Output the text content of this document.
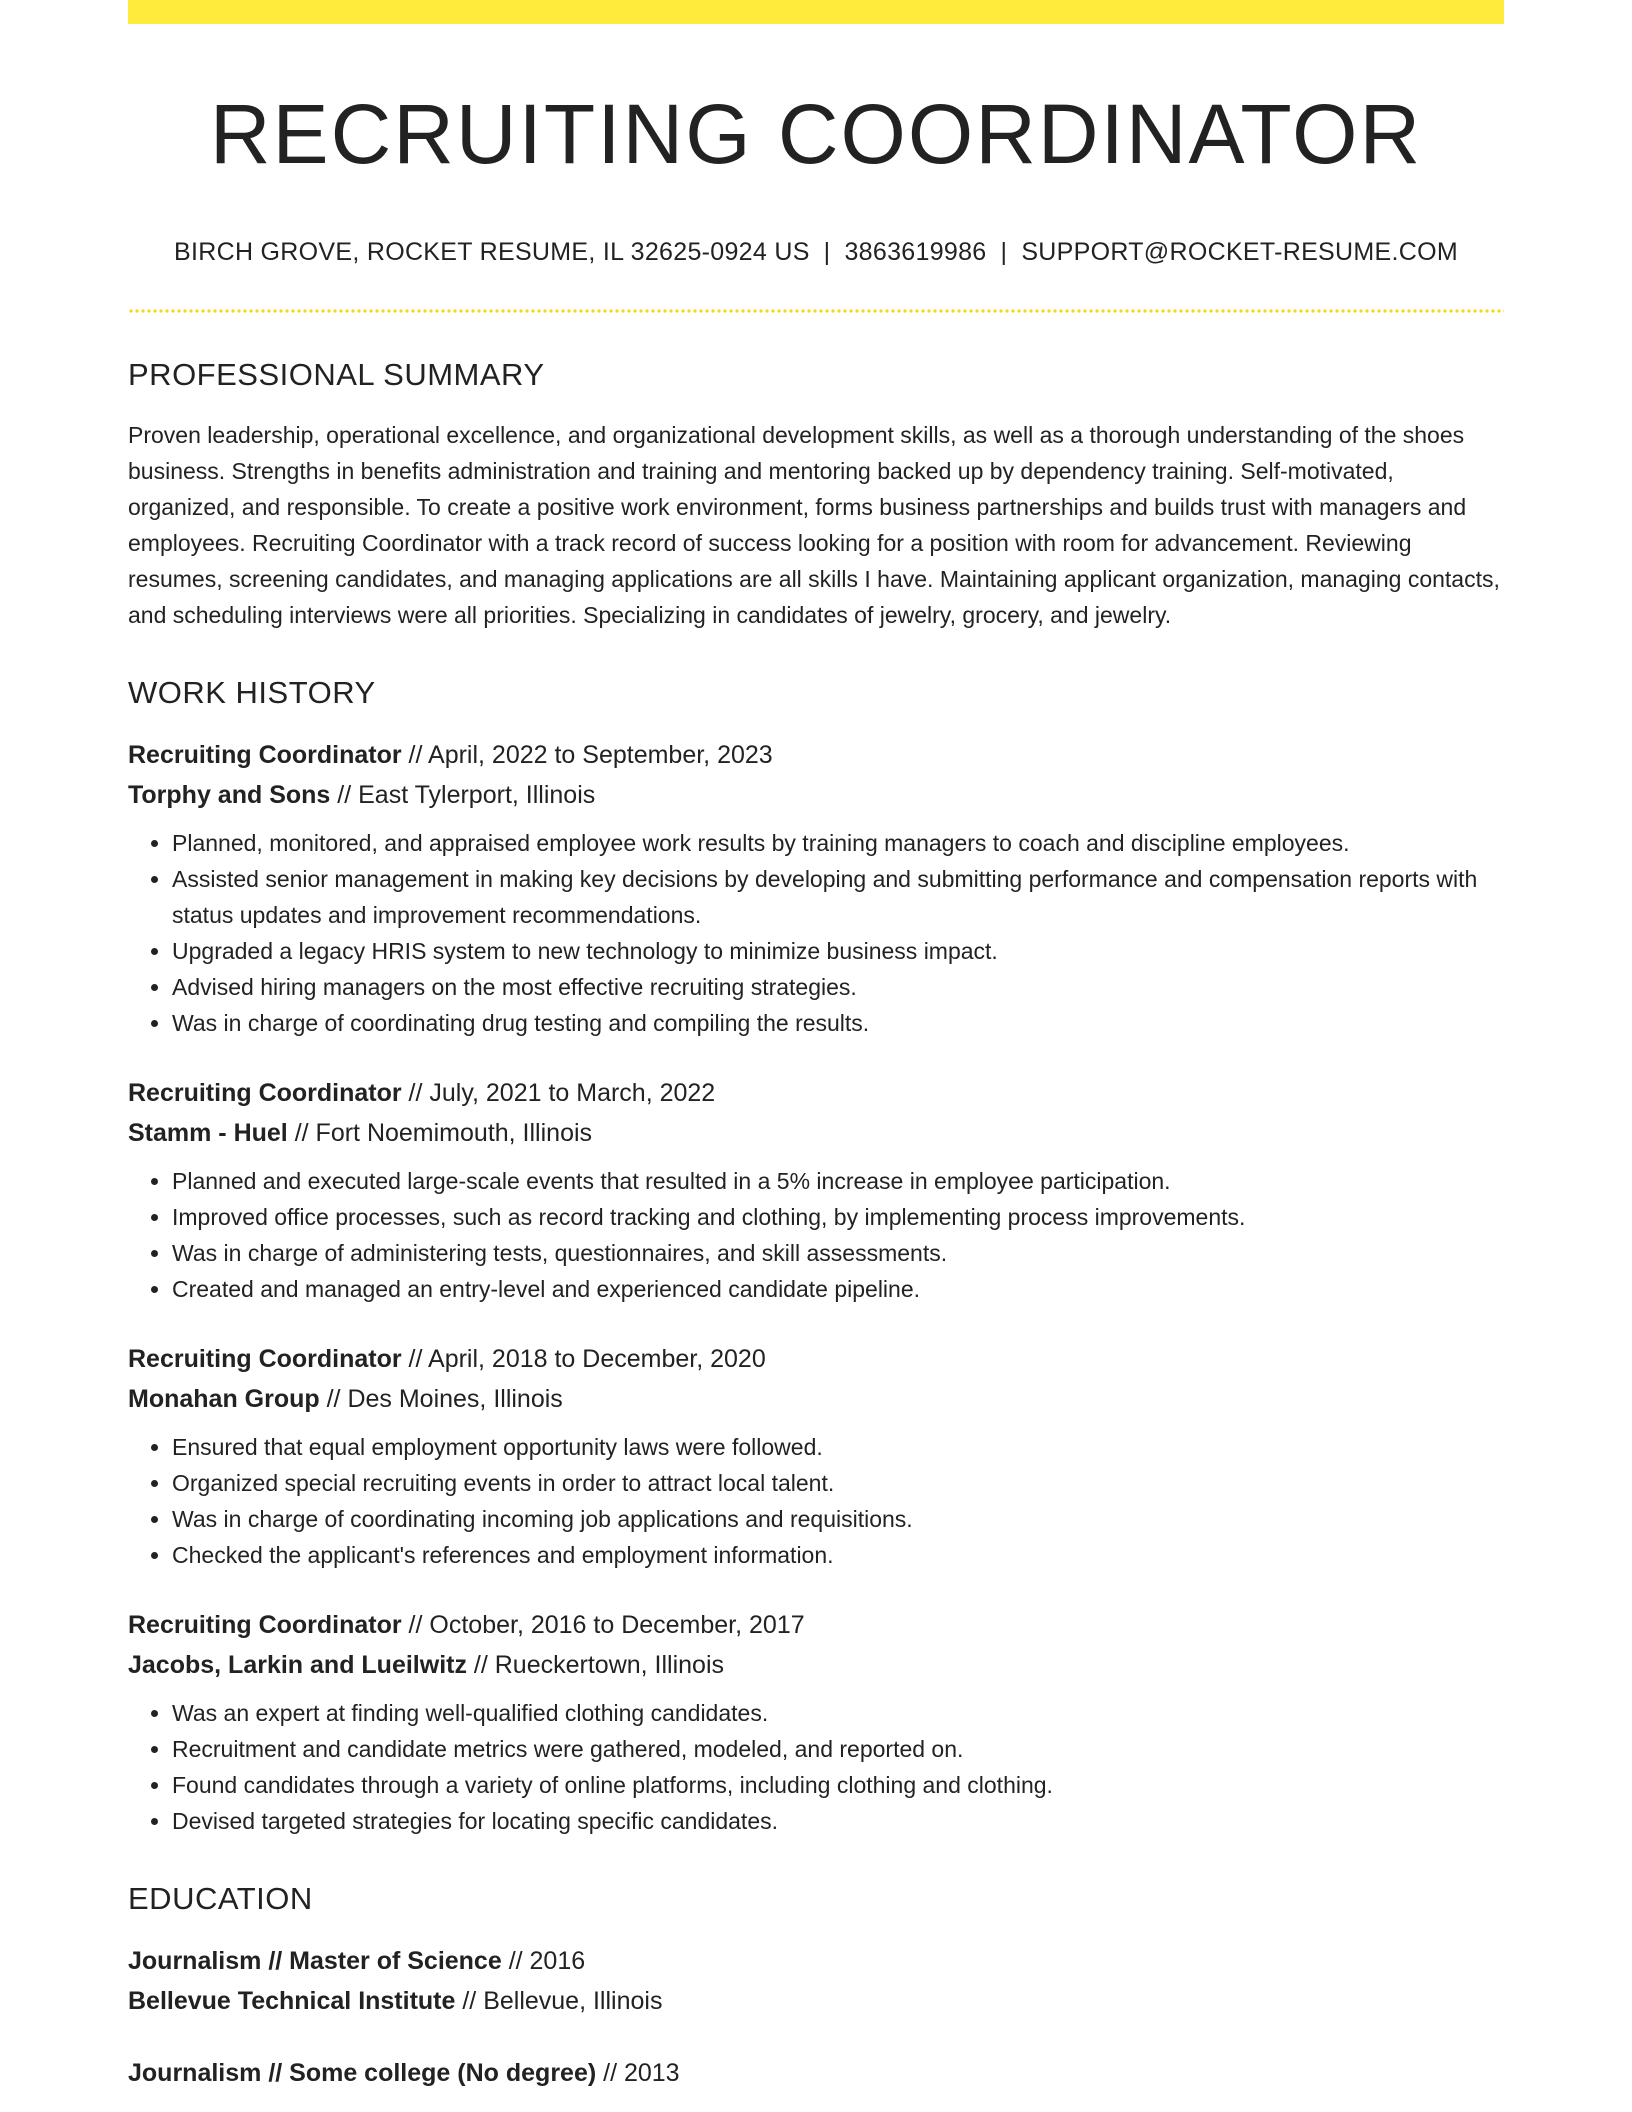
RECRUITING COORDINATOR
BIRCH GROVE, ROCKET RESUME, IL 32625-0924 US | 3863619986 | SUPPORT@ROCKET-RESUME.COM
PROFESSIONAL SUMMARY

Proven leadership, operational excellence, and organizational development skills, as well as a thorough understanding of the shoes business. Strengths in benefits administration and training and mentoring backed up by dependency training. Self-motivated, organized, and responsible. To create a positive work environment, forms business partnerships and builds trust with managers and employees. Recruiting Coordinator with a track record of success looking for a position with room for advancement. Reviewing resumes, screening candidates, and managing applications are all skills I have. Maintaining applicant organization, managing contacts, and scheduling interviews were all priorities. Specializing in candidates of jewelry, grocery, and jewelry.

WORK HISTORY
Recruiting Coordinator // April, 2022 to September, 2023
Torphy and Sons // East Tylerport, Illinois
• Planned, monitored, and appraised employee work results by training managers to coach and discipline employees.
• Assisted senior management in making key decisions by developing and submitting performance and compensation reports with status updates and improvement recommendations.
• Upgraded a legacy HRIS system to new technology to minimize business impact.
• Advised hiring managers on the most effective recruiting strategies.
• Was in charge of coordinating drug testing and compiling the results.
Recruiting Coordinator // July, 2021 to March, 2022
Stamm - Huel // Fort Noemimouth, Illinois
• Planned and executed large-scale events that resulted in a 5% increase in employee participation.
• Improved office processes, such as record tracking and clothing, by implementing process improvements.
• Was in charge of administering tests, questionnaires, and skill assessments.
• Created and managed an entry-level and experienced candidate pipeline.
Recruiting Coordinator // April, 2018 to December, 2020
Monahan Group // Des Moines, Illinois
• Ensured that equal employment opportunity laws were followed.
• Organized special recruiting events in order to attract local talent.
• Was in charge of coordinating incoming job applications and requisitions.
• Checked the applicant's references and employment information.
Recruiting Coordinator // October, 2016 to December, 2017
Jacobs, Larkin and Lueilwitz // Rueckertown, Illinois
• Was an expert at finding well-qualified clothing candidates.
• Recruitment and candidate metrics were gathered, modeled, and reported on.
• Found candidates through a variety of online platforms, including clothing and clothing.
• Devised targeted strategies for locating specific candidates.
EDUCATION
Journalism // Master of Science // 2016
Bellevue Technical Institute // Bellevue, Illinois
Journalism // Some college (No degree) // 2013
